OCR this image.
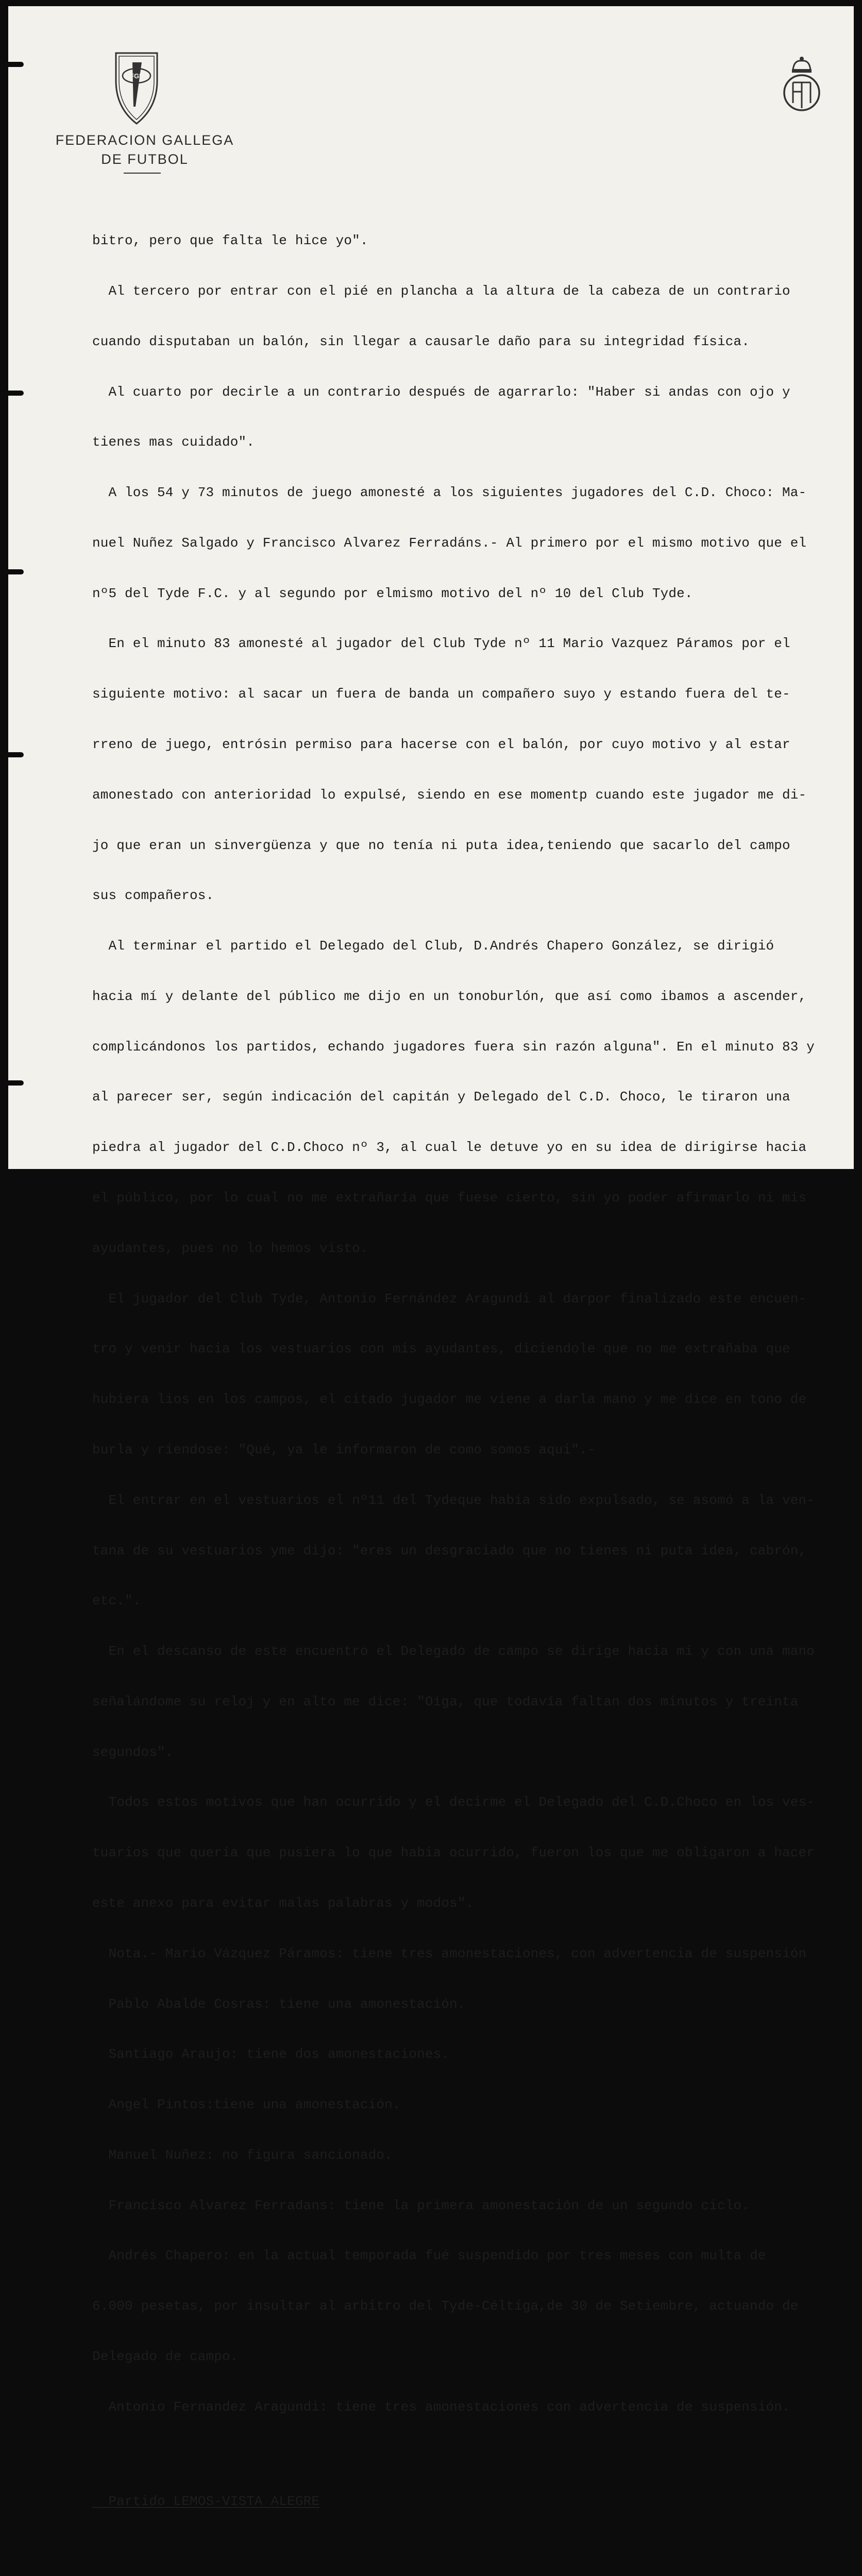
FGF
FEDERACION GALLEGA
DE FUTBOL

bitro, pero que falta le hice yo".

Al tercero por entrar con el pié en plancha a la altura de la cabeza de un contrario

cuando disputaban un balón, sin llegar a causarle daño para su integridad física.

Al cuarto por decirle a un contrario después de agarrarlo: "Haber si andas con ojo y

tienes mas cuidado".

A los 54 y 73 minutos de juego amonesté a los siguientes jugadores del C.D. Choco: Ma-

nuel Nuñez Salgado y Francisco Alvarez Ferradáns.- Al primero por el mismo motivo que el

nº5 del Tyde F.C. y al segundo por elmismo motivo del nº 10 del Club Tyde.

En el minuto 83 amonesté al jugador del Club Tyde nº 11 Mario Vazquez Páramos por el

siguiente motivo: al sacar un fuera de banda un compañero suyo y estando fuera del te-

rreno de juego, entrósin permiso para hacerse con el balón, por cuyo motivo y al estar

amonestado con anterioridad lo expulsé, siendo en ese momentp cuando este jugador me di-

jo que eran un sinvergüenza y que no tenía ni puta idea,teniendo que sacarlo del campo

sus compañeros.

Al terminar el partido el Delegado del Club, D.Andrés Chapero González, se dirigió

hacia mí y delante del público me dijo en un tonoburlón, que así como ibamos a ascender,

complicándonos los partidos, echando jugadores fuera sin razón alguna". En el minuto 83 y

al parecer ser, según indicación del capitán y Delegado del C.D. Choco, le tiraron una

piedra al jugador del C.D.Choco nº 3, al cual le detuve yo en su idea de dirigirse hacia

el público, por lo cual no me extrañaría que fuese cierto, sin yo poder afirmarlo ni mis

ayudantes, pues no lo hemos visto.

El jugador del Club Tyde, Antonio Fernández Aragundi al darpor finalizado este encuen-

tro y venir hacia los vestuarios con mis ayudantes, diciendole que no me extrañaba que

hubiera lios en los campos, el citado jugador me viene a darla mano y me dice en tono de

burla y riendose: "Qué, ya le informaron de como somos aqui".-

El entrar en el vestuarios el nº11 del Tydeque habia sido expulsado, se asomó a la ven-

tana de su vestuarios yme dijo: "eres un desgraciado que no tienes ni puta idea, cabrón,

etc.".

En el descanso de este encuentro el Delegado de campo se dirige hacia mi y con una mano

señalándome su reloj y en alto me dice: "Oiga, que todavía faltan dos minutos y treinta

segundos".

Todos estos motivos que han ocurrido y el decirme el Delegado del C.D.Choco en los ves-

tuarios que quería que pusiera lo que habia ocurrido, fueron los que me obligaron a hacer

este anexo para evitar malas palabras y modos".

Nota.- Mario Vázquez Páramos: tiene tres amonestaciones, con advertencia de suspensión

Pablo Abalde Cosras: tiene una amonestación.

Santiago Araujo: tiene dos amonestaciones.

Angel Pintos:tiene una amonestación.

Manuel Nuñez: no figura sancionado.

Francisco Alvarez Ferradans: tiene la primera amonestación de un segundo ciclo.

Andrés Chapero: en la actual temporada fué suspendido por tres meses con multa de

6.000 pesetas, por insultar al arbitro del Tyde-Céltiga,de 30 de Setiembre, actuando de

Delegado de campo.

Antonio Fernandez Aragundi: tiene tres amonestaciones con advertencia de suspensión.

Partido LEMOS-VISTA ALEGRE
